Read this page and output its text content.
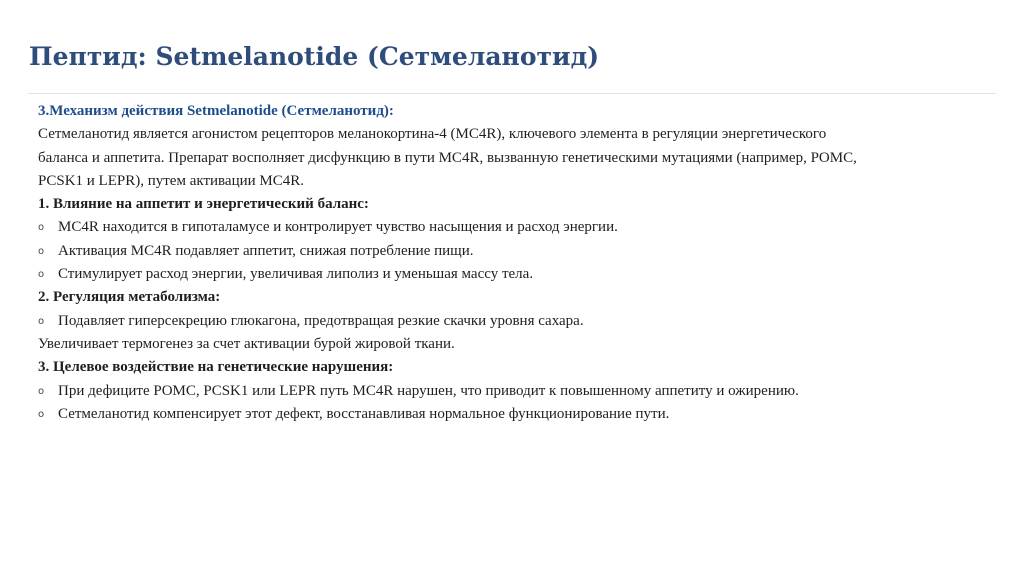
Пептид: Setmelanotide (Сетмеланотид)
3.Механизм действия Setmelanotide (Сетмеланотид):
Сетмеланотид является агонистом рецепторов меланокортина-4 (MC4R), ключевого элемента в регуляции энергетического
баланса и аппетита. Препарат восполняет дисфункцию в пути MC4R, вызванную генетическими мутациями (например, POMC,
PCSK1 и LEPR), путем активации MC4R.
1. Влияние на аппетит и энергетический баланс:
o MC4R находится в гипоталамусе и контролирует чувство насыщения и расход энергии.
o Активация MC4R подавляет аппетит, снижая потребление пищи.
o Стимулирует расход энергии, увеличивая липолиз и уменьшая массу тела.
2. Регуляция метаболизма:
o Подавляет гиперсекрецию глюкагона, предотвращая резкие скачки уровня сахара.
Увеличивает термогенез за счет активации бурой жировой ткани.
3. Целевое воздействие на генетические нарушения:
o При дефиците POMC, PCSK1 или LEPR путь MC4R нарушен, что приводит к повышенному аппетиту и ожирению.
o Сетмеланотид компенсирует этот дефект, восстанавливая нормальное функционирование пути.
